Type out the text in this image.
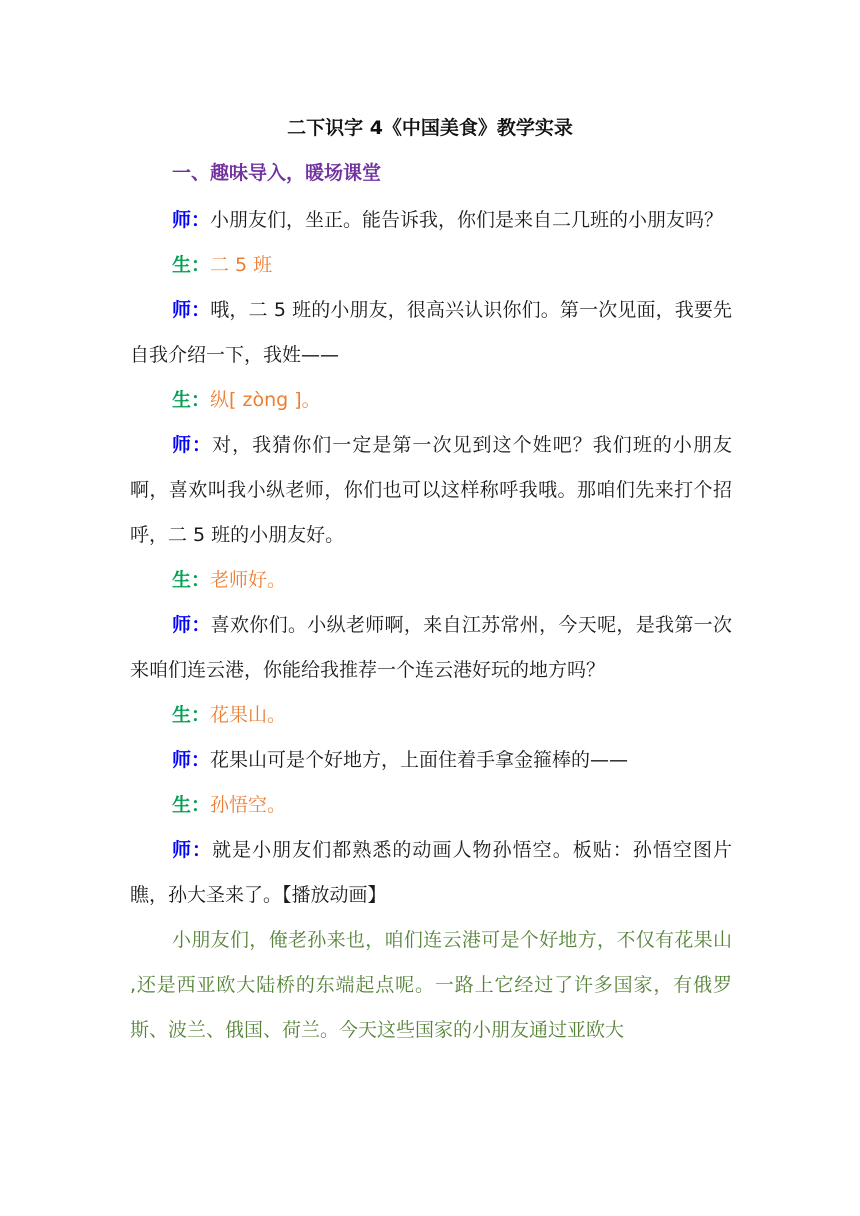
二下识字 4《中国美食》教学实录
一、趣味导入，暖场课堂

师：小朋友们，坐正。能告诉我，你们是来自二几班的小朋友吗？

生：二 5 班

师：哦，二 5 班的小朋友，很高兴认识你们。第一次见面，我要先自我介绍一下，我姓——

生：纵[ zòng ]。

师：对，我猜你们一定是第一次见到这个姓吧？我们班的小朋友啊，喜欢叫我小纵老师，你们也可以这样称呼我哦。那咱们先来打个招呼，二 5 班的小朋友好。

生：老师好。

师：喜欢你们。小纵老师啊，来自江苏常州，今天呢，是我第一次来咱们连云港，你能给我推荐一个连云港好玩的地方吗？

生：花果山。

师：花果山可是个好地方，上面住着手拿金箍棒的——

生：孙悟空。

师：就是小朋友们都熟悉的动画人物孙悟空。板贴：孙悟空图片 瞧，孙大圣来了。【播放动画】

小朋友们，俺老孙来也，咱们连云港可是个好地方，不仅有花果山 ,还是西亚欧大陆桥的东端起点呢。一路上它经过了许多国家，有俄罗斯、波兰、俄国、荷兰。今天这些国家的小朋友通过亚欧大
